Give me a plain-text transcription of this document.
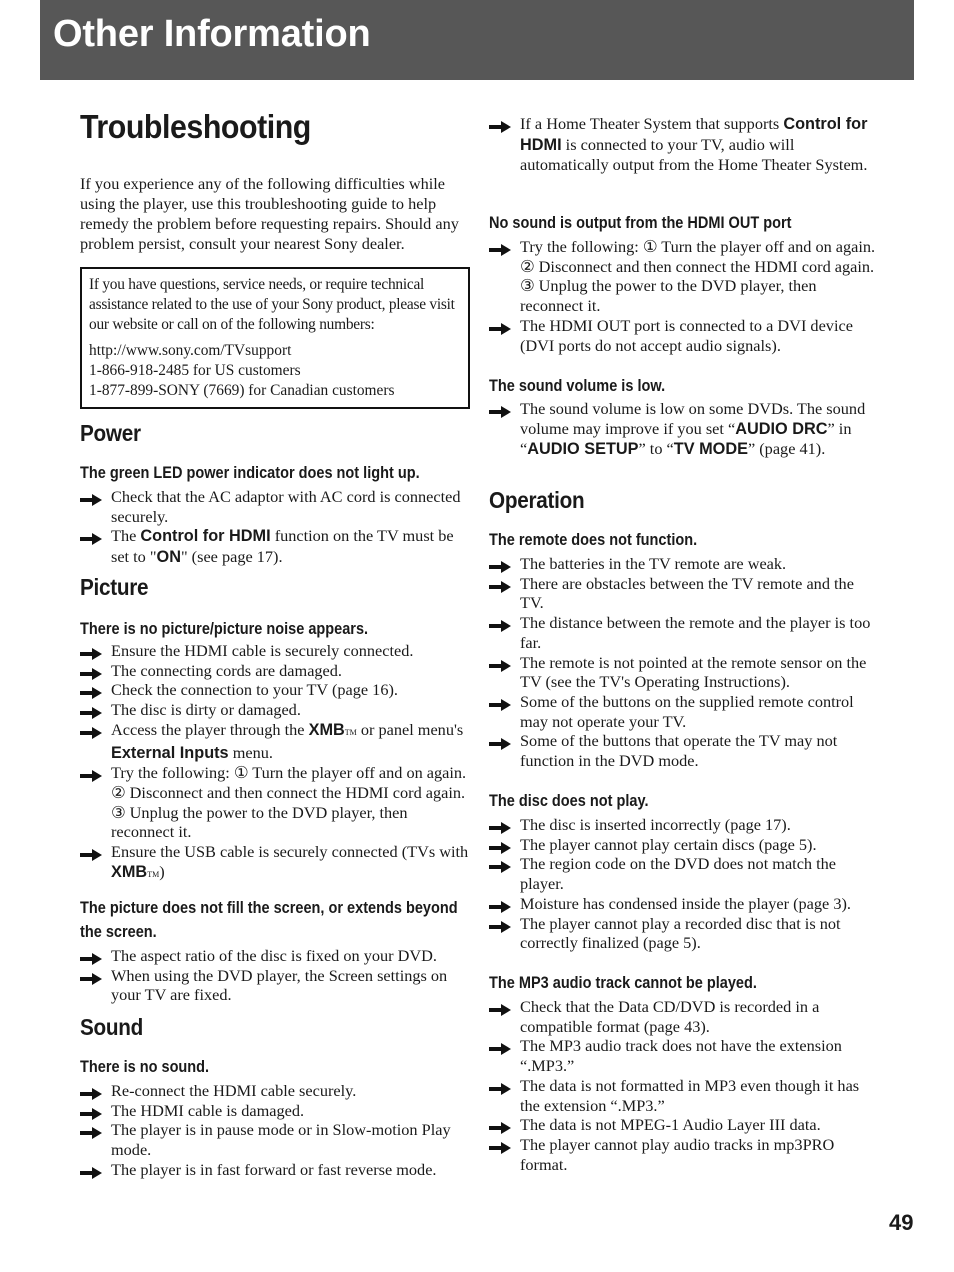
Other Information
Troubleshooting
If you experience any of the following difficulties while using the player, use this troubleshooting guide to help remedy the problem before requesting repairs. Should any problem persist, consult your nearest Sony dealer.
If you have questions, service needs, or require technical assistance related to the use of your Sony product, please visit our website or call on of the following numbers:
http://www.sony.com/TVsupport
1-866-918-2485 for US customers
1-877-899-SONY (7669) for Canadian customers
Power
The green LED power indicator does not light up.
Check that the AC adaptor with AC cord is connected securely.
The Control for HDMI function on the TV must be set to "ON" (see page 17).
Picture
There is no picture/picture noise appears.
Ensure the HDMI cable is securely connected.
The connecting cords are damaged.
Check the connection to your TV (page 16).
The disc is dirty or damaged.
Access the player through the XMBTM or panel menu's External Inputs menu.
Try the following: ① Turn the player off and on again. ② Disconnect and then connect the HDMI cord again. ③ Unplug the power to the DVD player, then reconnect it.
Ensure the USB cable is securely connected (TVs with XMBTM)
The picture does not fill the screen, or extends beyond the screen.
The aspect ratio of the disc is fixed on your DVD.
When using the DVD player, the Screen settings on your TV are fixed.
Sound
There is no sound.
Re-connect the HDMI cable securely.
The HDMI cable is damaged.
The player is in pause mode or in Slow-motion Play mode.
The player is in fast forward or fast reverse mode.
If a Home Theater System that supports Control for HDMI is connected to your TV, audio will automatically output from the Home Theater System.
No sound is output from the HDMI OUT port
Try the following: ① Turn the player off and on again. ② Disconnect and then connect the HDMI cord again. ③ Unplug the power to the DVD player, then reconnect it.
The HDMI OUT port is connected to a DVI device (DVI ports do not accept audio signals).
The sound volume is low.
The sound volume is low on some DVDs. The sound volume may improve if you set “AUDIO DRC” in “AUDIO SETUP” to “TV MODE” (page 41).
Operation
The remote does not function.
The batteries in the TV remote are weak.
There are obstacles between the TV remote and the TV.
The distance between the remote and the player is too far.
The remote is not pointed at the remote sensor on the TV (see the TV's Operating Instructions).
Some of the buttons on the supplied remote control may not operate your TV.
Some of the buttons that operate the TV may not function in the DVD mode.
The disc does not play.
The disc is inserted incorrectly (page 17).
The player cannot play certain discs (page 5).
The region code on the DVD does not match the player.
Moisture has condensed inside the player (page 3).
The player cannot play a recorded disc that is not correctly finalized (page 5).
The MP3 audio track cannot be played.
Check that the Data CD/DVD is recorded in a compatible format (page 43).
The MP3 audio track does not have the extension “.MP3.”
The data is not formatted in MP3 even though it has the extension “.MP3.”
The data is not MPEG-1 Audio Layer III data.
The player cannot play audio tracks in mp3PRO format.
49
